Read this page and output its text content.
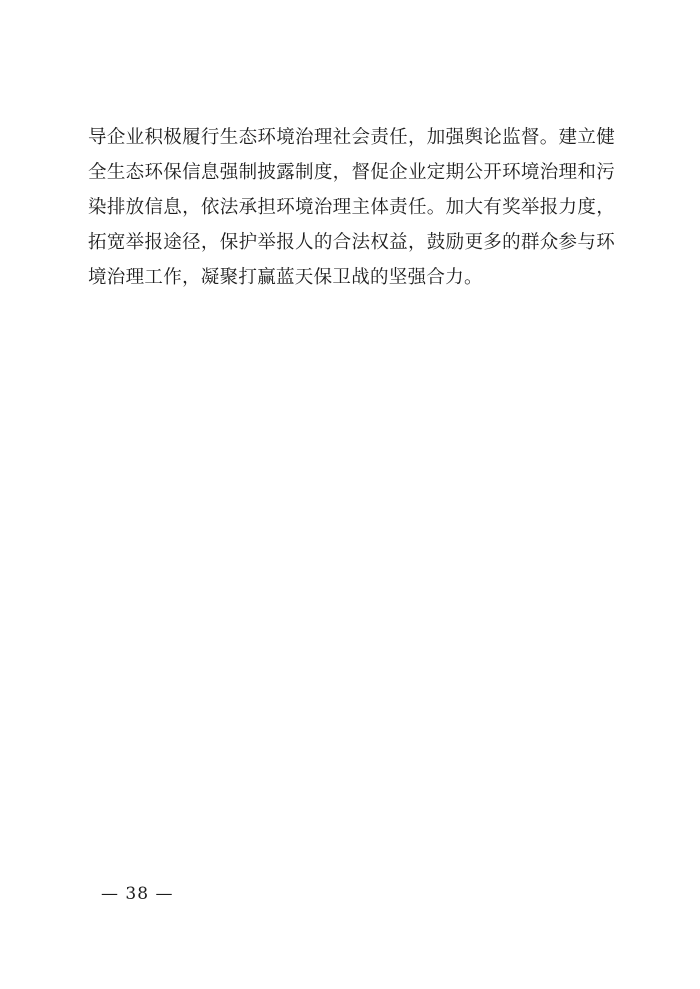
导企业积极履行生态环境治理社会责任，加强舆论监督。建立健
全生态环保信息强制披露制度，督促企业定期公开环境治理和污
染排放信息，依法承担环境治理主体责任。加大有奖举报力度，
拓宽举报途径，保护举报人的合法权益，鼓励更多的群众参与环
境治理工作，凝聚打赢蓝天保卫战的坚强合力。
— 38 —
